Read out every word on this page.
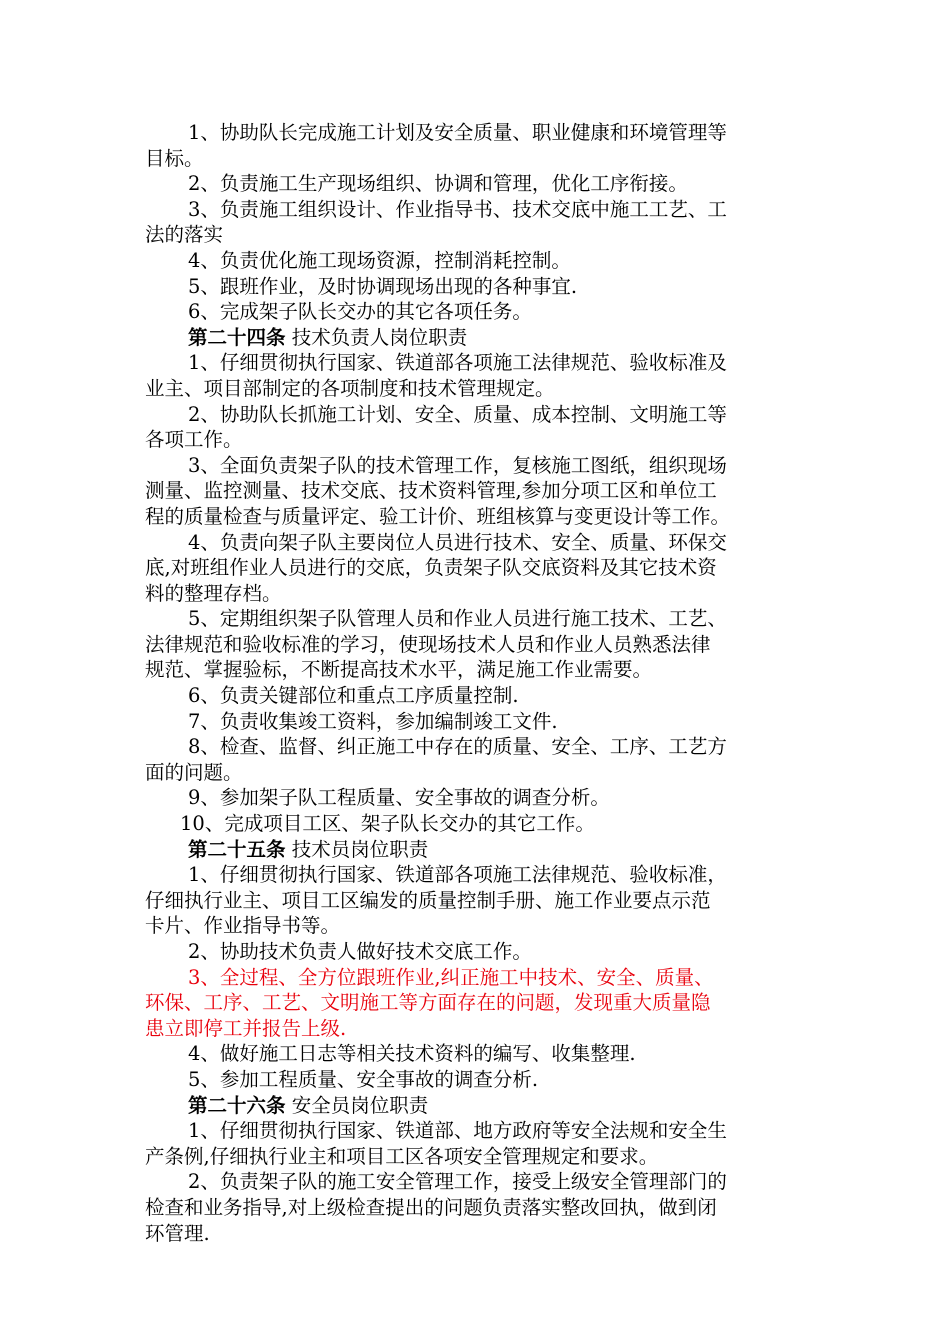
1、协助队长完成施工计划及安全质量、职业健康和环境管理等
目标。
2、负责施工生产现场组织、协调和管理，优化工序衔接。
3、负责施工组织设计、作业指导书、技术交底中施工工艺、工
法的落实
4、负责优化施工现场资源，控制消耗控制。
5、跟班作业，及时协调现场出现的各种事宜.
6、完成架子队长交办的其它各项任务。
第二十四条 技术负责人岗位职责
1、仔细贯彻执行国家、铁道部各项施工法律规范、验收标准及
业主、项目部制定的各项制度和技术管理规定。
2、协助队长抓施工计划、安全、质量、成本控制、文明施工等
各项工作。
3、全面负责架子队的技术管理工作，复核施工图纸，组织现场
测量、监控测量、技术交底、技术资料管理,参加分项工区和单位工
程的质量检查与质量评定、验工计价、班组核算与变更设计等工作。
4、负责向架子队主要岗位人员进行技术、安全、质量、环保交
底,对班组作业人员进行的交底，负责架子队交底资料及其它技术资
料的整理存档。
5、定期组织架子队管理人员和作业人员进行施工技术、工艺、
法律规范和验收标准的学习，使现场技术人员和作业人员熟悉法律
规范、掌握验标，不断提高技术水平，满足施工作业需要。
6、负责关键部位和重点工序质量控制.
7、负责收集竣工资料，参加编制竣工文件.
8、检查、监督、纠正施工中存在的质量、安全、工序、工艺方
面的问题。
9、参加架子队工程质量、安全事故的调查分析。
10、完成项目工区、架子队长交办的其它工作。
第二十五条 技术员岗位职责
1、仔细贯彻执行国家、铁道部各项施工法律规范、验收标准，
仔细执行业主、项目工区编发的质量控制手册、施工作业要点示范
卡片、作业指导书等。
2、协助技术负责人做好技术交底工作。
3、全过程、全方位跟班作业,纠正施工中技术、安全、质量、
环保、工序、工艺、文明施工等方面存在的问题，发现重大质量隐
患立即停工并报告上级.
4、做好施工日志等相关技术资料的编写、收集整理.
5、参加工程质量、安全事故的调查分析.
第二十六条 安全员岗位职责
1、仔细贯彻执行国家、铁道部、地方政府等安全法规和安全生
产条例,仔细执行业主和项目工区各项安全管理规定和要求。
2、负责架子队的施工安全管理工作，接受上级安全管理部门的
检查和业务指导,对上级检查提出的问题负责落实整改回执，做到闭
环管理.
